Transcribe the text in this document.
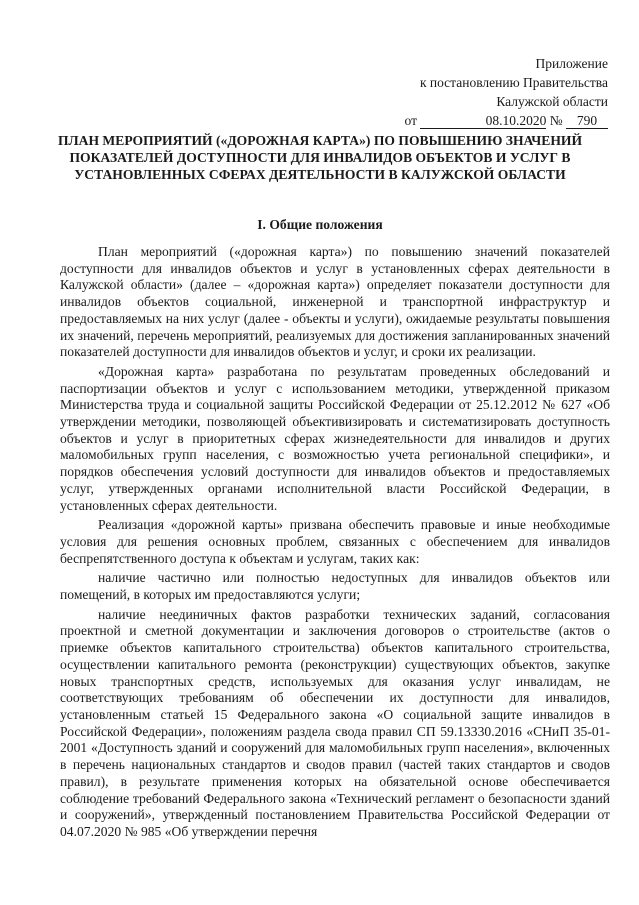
Приложение
к постановлению Правительства
Калужской области
от	08.10.2020 № 790
ПЛАН МЕРОПРИЯТИЙ («ДОРОЖНАЯ КАРТА») ПО ПОВЫШЕНИЮ ЗНАЧЕНИЙ ПОКАЗАТЕЛЕЙ ДОСТУПНОСТИ ДЛЯ ИНВАЛИДОВ ОБЪЕКТОВ И УСЛУГ В УСТАНОВЛЕННЫХ СФЕРАХ ДЕЯТЕЛЬНОСТИ В КАЛУЖСКОЙ ОБЛАСТИ
I. Общие положения

План мероприятий («дорожная карта») по повышению значений показателей доступности для инвалидов объектов и услуг в установленных сферах деятельности в Калужской области» (далее – «дорожная карта») определяет показатели доступности для инвалидов объектов социальной, инженерной и транспортной инфраструктур и предоставляемых на них услуг (далее - объекты и услуги), ожидаемые результаты повышения их значений, перечень мероприятий, реализуемых для достижения запланированных значений показателей доступности для инвалидов объектов и услуг, и сроки их реализации.

«Дорожная карта» разработана по результатам проведенных обследований и паспортизации объектов и услуг с использованием методики, утвержденной приказом Министерства труда и социальной защиты Российской Федерации от 25.12.2012 № 627 «Об утверждении методики, позволяющей объективизировать и систематизировать доступность объектов и услуг в приоритетных сферах жизнедеятельности для инвалидов и других маломобильных групп населения, с возможностью учета региональной специфики», и порядков обеспечения условий доступности для инвалидов объектов и предоставляемых услуг, утвержденных органами исполнительной власти Российской Федерации, в установленных сферах деятельности.

Реализация «дорожной карты» призвана обеспечить правовые и иные необходимые условия для решения основных проблем, связанных с обеспечением для инвалидов беспрепятственного доступа к объектам и услугам, таких как:

наличие частично или полностью недоступных для инвалидов объектов или помещений, в которых им предоставляются услуги;

наличие неединичных фактов разработки технических заданий, согласования проектной и сметной документации и заключения договоров о строительстве (актов о приемке объектов капитального строительства) объектов капитального строительства, осуществлении капитального ремонта (реконструкции) существующих объектов, закупке новых транспортных средств, используемых для оказания услуг инвалидам, не соответствующих требованиям об обеспечении их доступности для инвалидов, установленным статьей 15 Федерального закона «О социальной защите инвалидов в Российской Федерации», положениям раздела свода правил СП 59.13330.2016 «СНиП 35-01-2001 «Доступность зданий и сооружений для маломобильных групп населения», включенных в перечень национальных стандартов и сводов правил (частей таких стандартов и сводов правил), в результате применения которых на обязательной основе обеспечивается соблюдение требований Федерального закона «Технический регламент о безопасности зданий и сооружений», утвержденный постановлением Правительства Российской Федерации от 04.07.2020 № 985 «Об утверждении перечня
